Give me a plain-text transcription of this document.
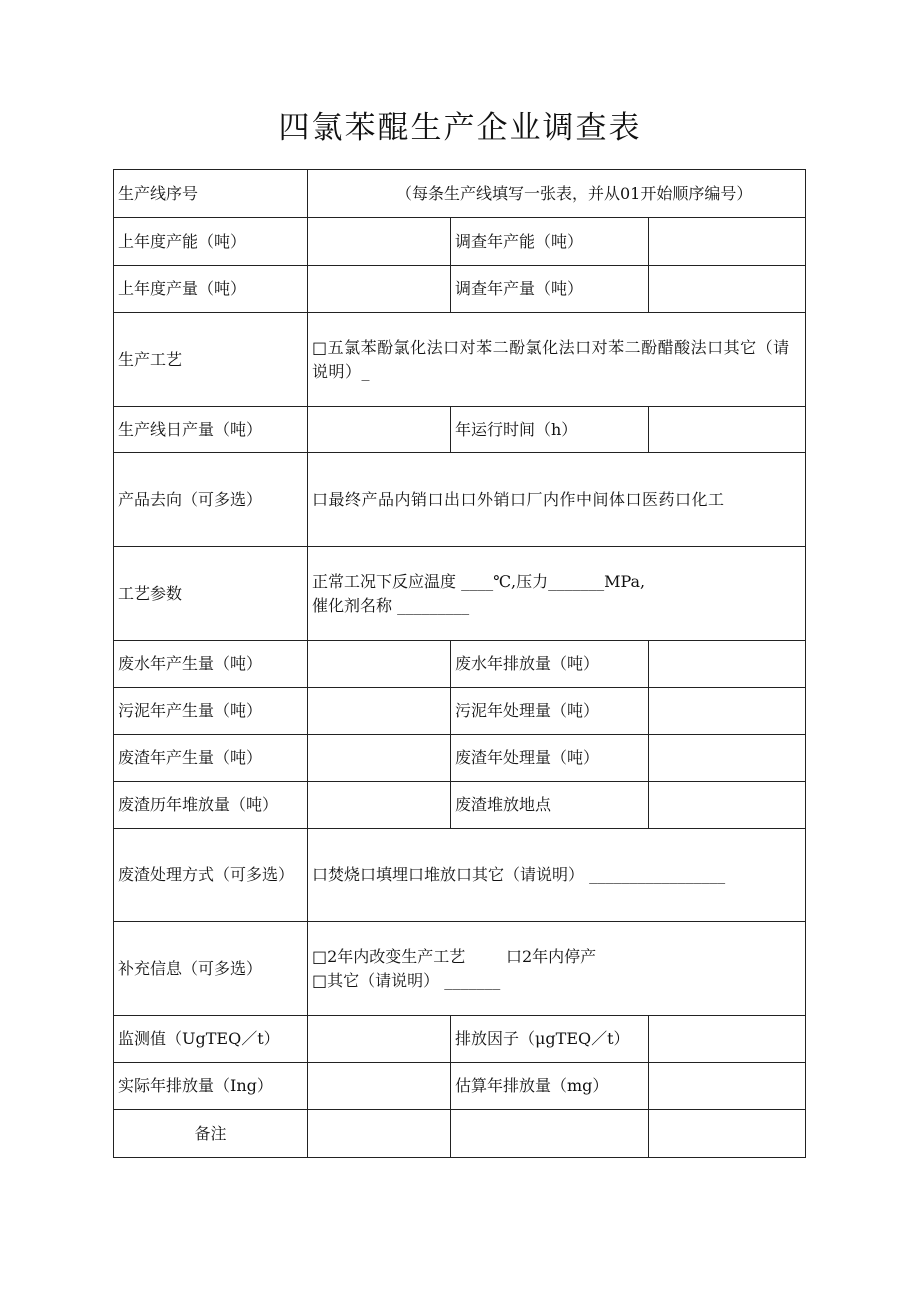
四氯苯醌生产企业调查表
生产线序号	（每条生产线填写一张表，并从01开始顺序编号）		
上年度产能（吨）		调查年产能（吨）	
上年度产量（吨）		调查年产量（吨）	
生产工艺	□五氯苯酚氯化法口对苯二酚氯化法口对苯二酚醋酸法口其它（请说明）_		
生产线日产量（吨）		年运行时间（h）	
产品去向（可多选）	口最终产品内销口出口外销口厂内作中间体口医药口化工		
工艺参数	正常工况下反应温度 ____℃,压力_______MPa,
催化剂名称 _________		

废水年产生量（吨）		废水年排放量（吨）	
污泥年产生量（吨）		污泥年处理量（吨）	
废渣年产生量（吨）		废渣年处理量（吨）	
废渣历年堆放量（吨）		废渣堆放地点	
废渣处理方式（可多选）	口焚烧口填埋口堆放口其它（请说明） _________________		
补充信息（可多选）	□2年内改变生产工艺        口2年内停产
□其它（请说明） _______		

监测值（UgTEQ／t）		排放因子（μgTEQ／t）	
实际年排放量（Ing）		估算年排放量（mg）	
备注			
